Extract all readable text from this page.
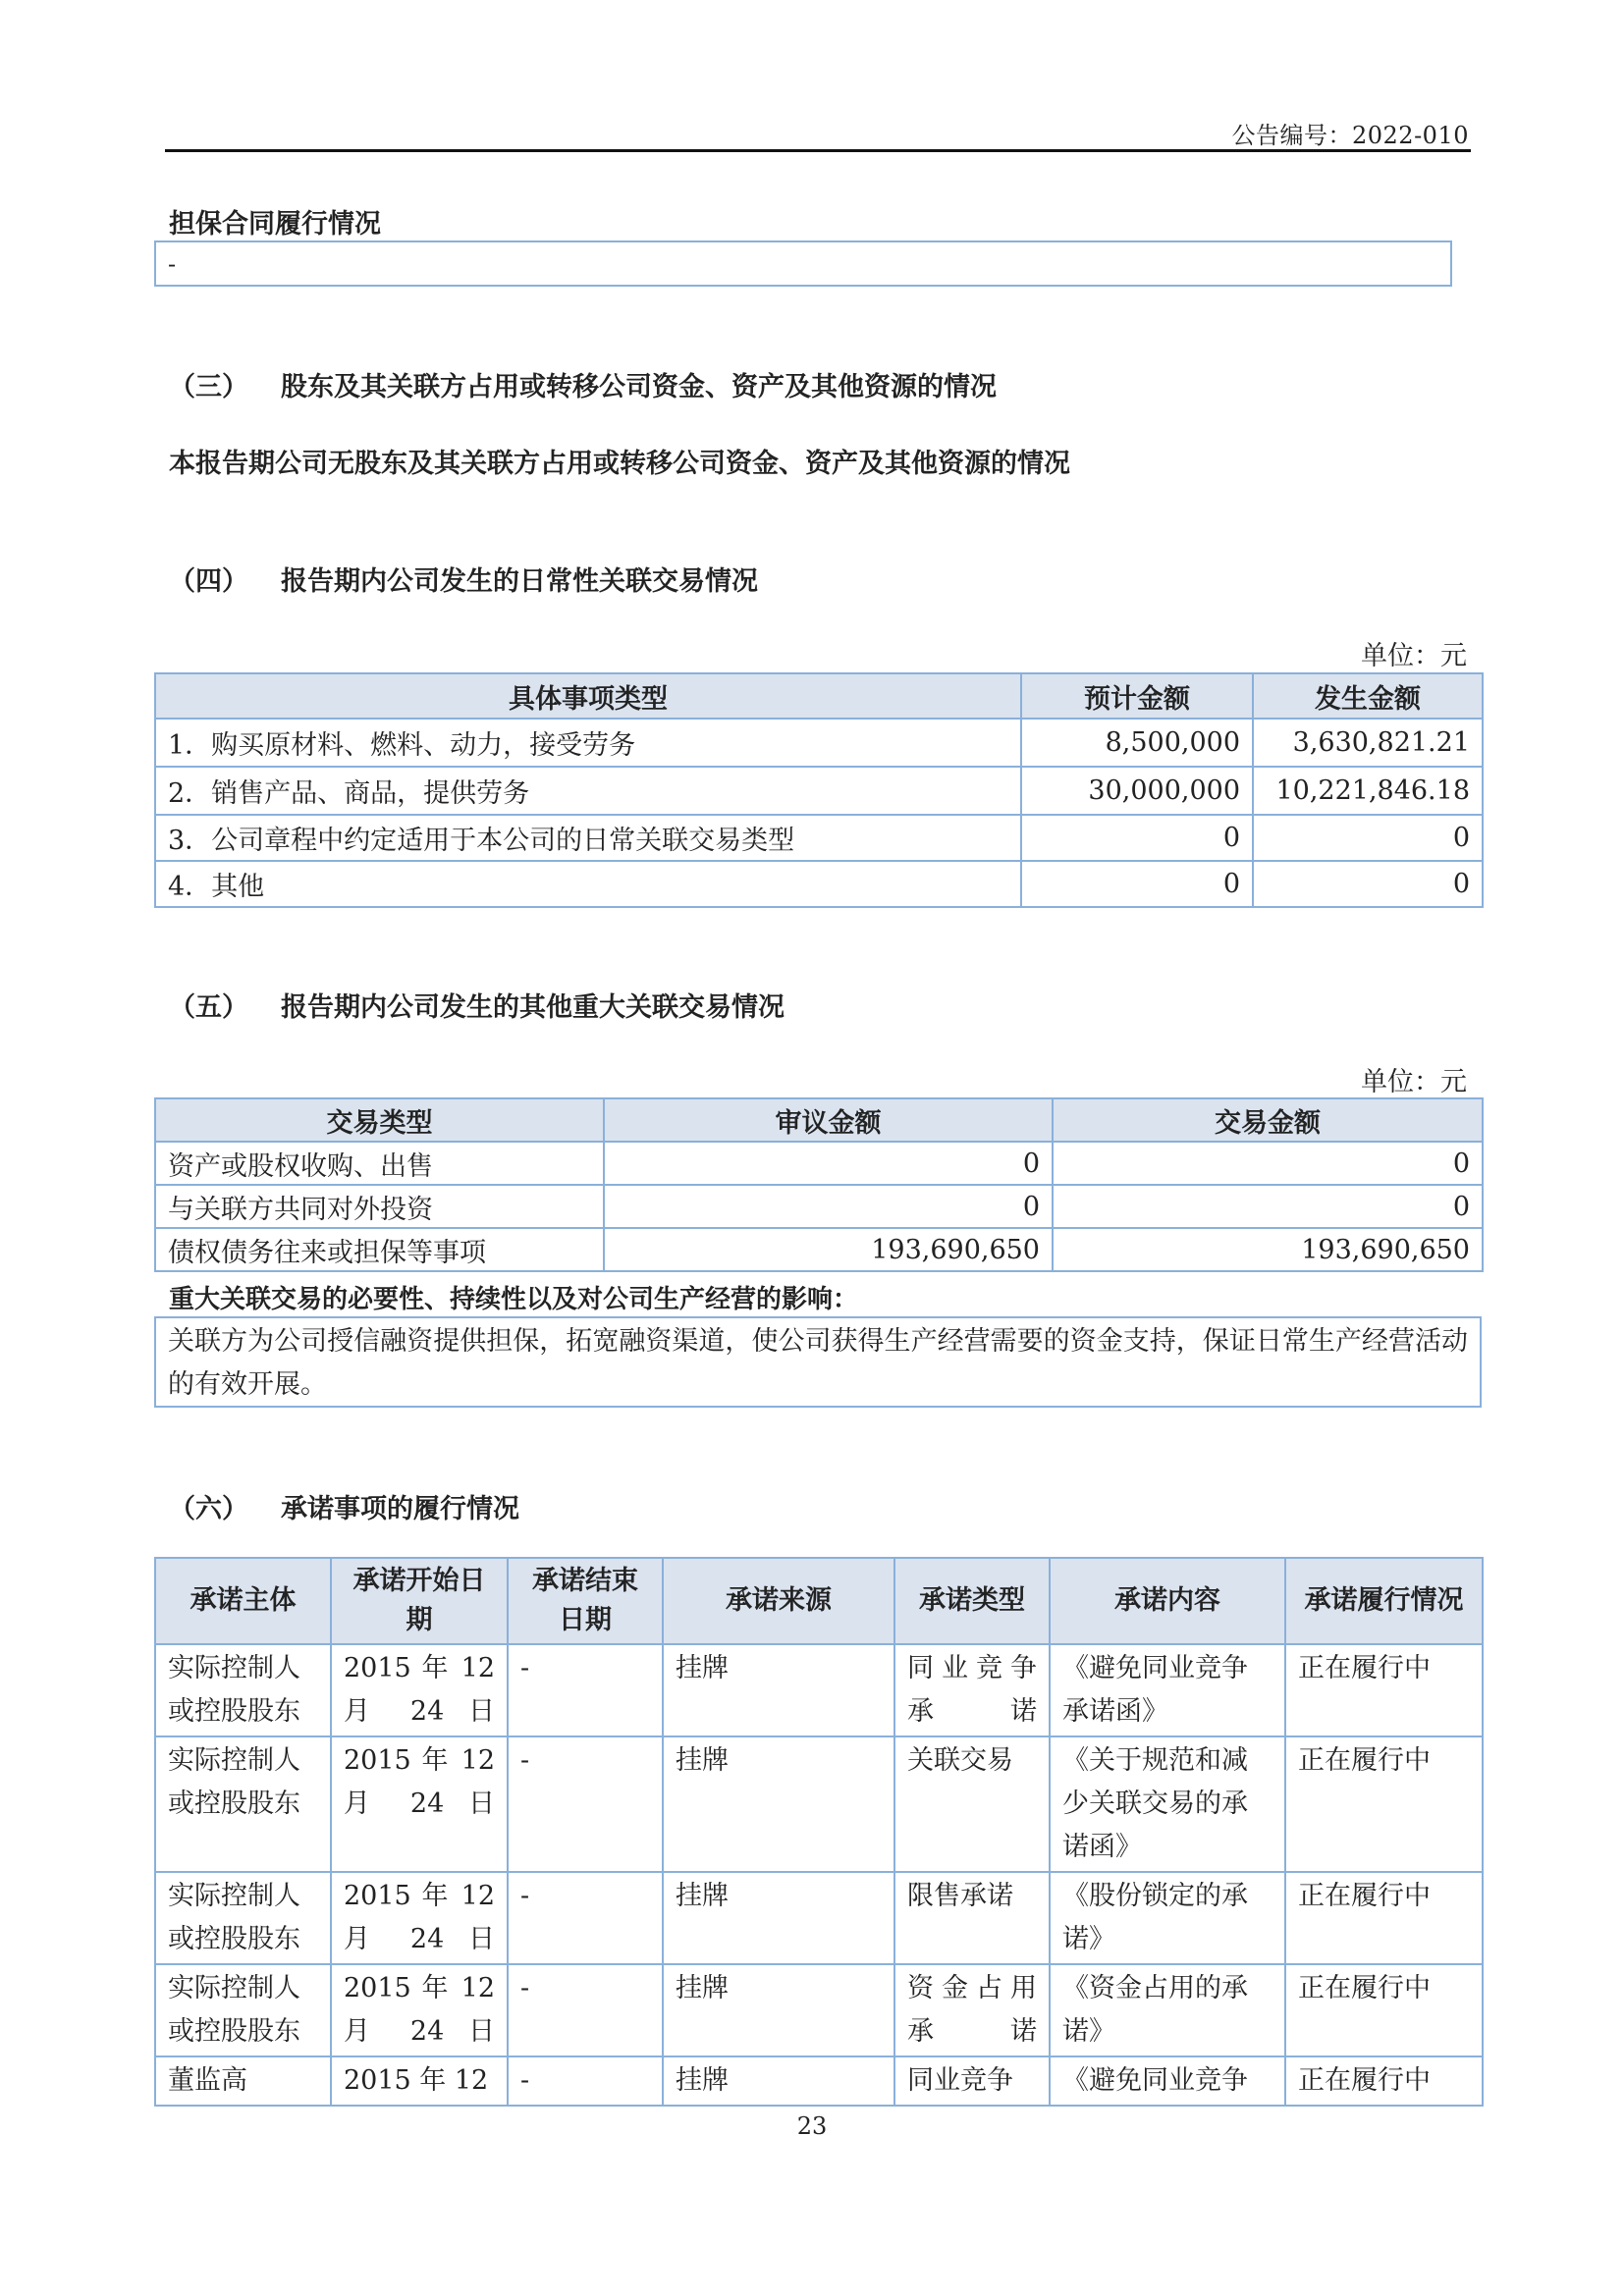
公告编号：2022-010
担保合同履行情况
-
（三） 股东及其关联方占用或转移公司资金、资产及其他资源的情况
本报告期公司无股东及其关联方占用或转移公司资金、资产及其他资源的情况
（四） 报告期内公司发生的日常性关联交易情况
单位：元
具体事项类型	预计金额	发生金额
1．购买原材料、燃料、动力，接受劳务	8,500,000	3,630,821.21
2．销售产品、商品，提供劳务	30,000,000	10,221,846.18
3．公司章程中约定适用于本公司的日常关联交易类型	0	0
4．其他	0	0
（五） 报告期内公司发生的其他重大关联交易情况
单位：元
交易类型	审议金额	交易金额
资产或股权收购、出售	0	0
与关联方共同对外投资	0	0
债权债务往来或担保等事项	193,690,650	193,690,650
重大关联交易的必要性、持续性以及对公司生产经营的影响：
关联方为公司授信融资提供担保，拓宽融资渠道，使公司获得生产经营需要的资金支持，保证日常生产经营活动的有效开展。
（六） 承诺事项的履行情况
承诺主体	承诺开始日期	承诺结束日期	承诺来源	承诺类型	承诺内容	承诺履行情况
实际控制人或控股股东	2015 年 12 月 24 日	-	挂牌	同业竞争承诺	《避免同业竞争承诺函》	正在履行中
实际控制人或控股股东	2015 年 12 月 24 日	-	挂牌	关联交易	《关于规范和减少关联交易的承诺函》	正在履行中
实际控制人或控股股东	2015 年 12 月 24 日	-	挂牌	限售承诺	《股份锁定的承诺》	正在履行中
实际控制人或控股股东	2015 年 12 月 24 日	-	挂牌	资金占用承诺	《资金占用的承诺》	正在履行中
董监高	2015 年 12	-	挂牌	同业竞争	《避免同业竞争	正在履行中
23
